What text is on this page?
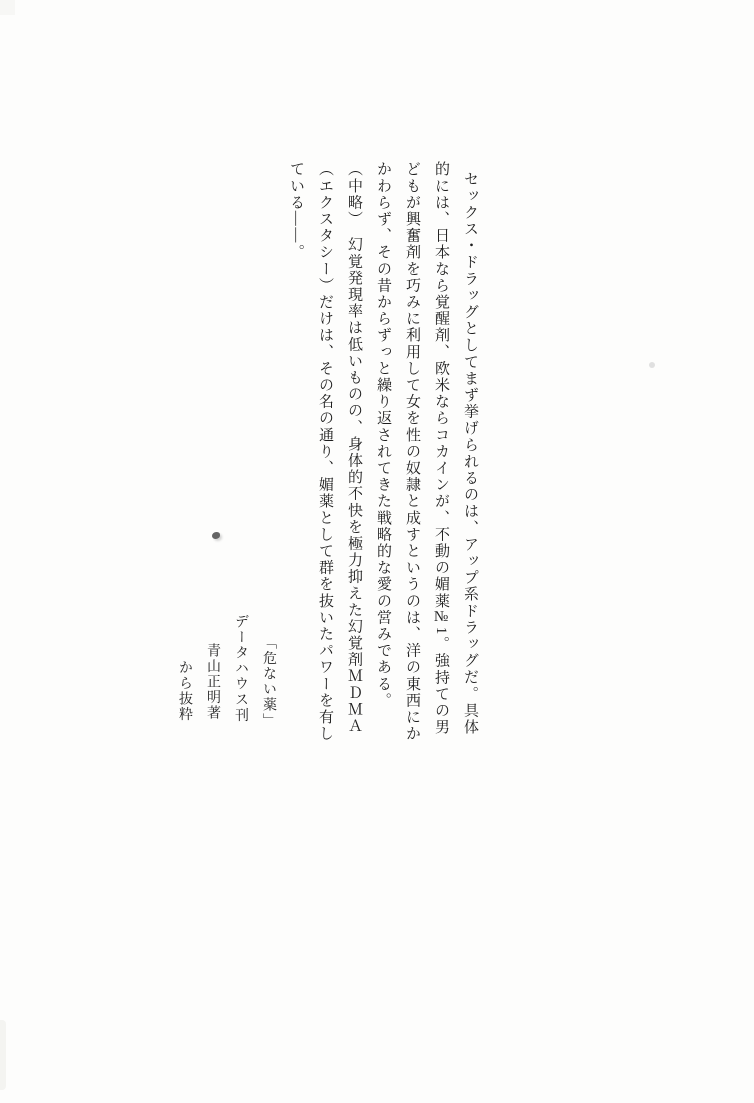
セックス・ドラッグとしてまず挙げられるのは、アップ系ドラッグだ。具体
的には、日本なら覚醒剤、欧米ならコカインが、不動の媚薬№1。強持ての男
どもが興奮剤を巧みに利用して女を性の奴隷と成すというのは、洋の東西にか
かわらず、その昔からずっと繰り返されてきた戦略的な愛の営みである。
（中略）　幻覚発現率は低いものの、身体的不快を極力抑えた幻覚剤ＭＤＭＡ
（エクスタシー）だけは、その名の通り、媚薬として群を抜いたパワーを有し
ている――。
「危ない薬」
データハウス刊
青山正明著
から抜粋
